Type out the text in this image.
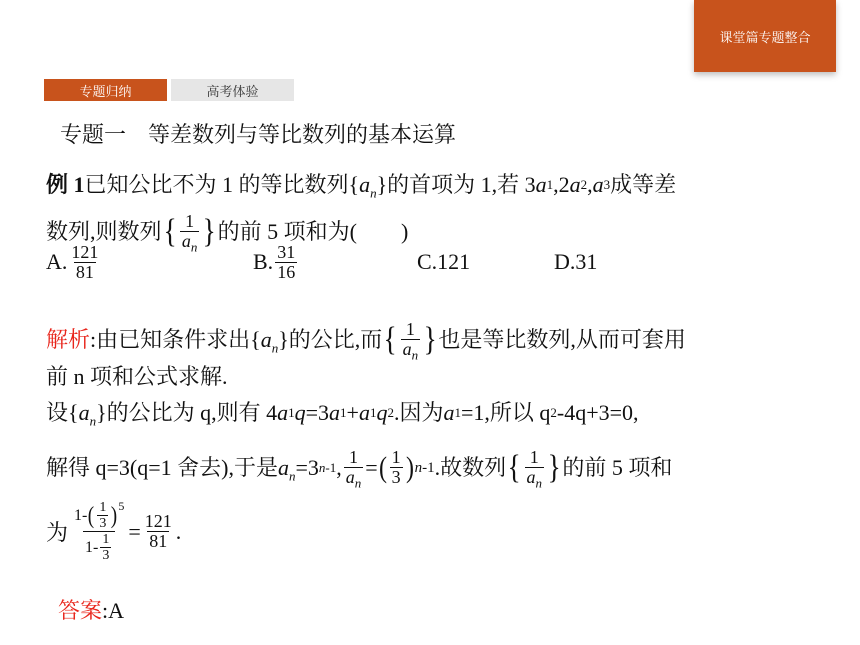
课堂篇专题整合
专题归纳	高考体验
专题一　等差数列与等比数列的基本运算
例 1 已知公比不为 1 的等比数列{ $a_n$ }的首项为 1,若 3 a 1 ,2 a 2 , a 3 成等差
数列,则数列 { $\frac{1}{a_n}$ } 的前 5 项和为(　　)
A. $\frac{121}{81}$	B. $\frac{31}{16}$	C.121	D.31
解析 :由已知条件求出{ $a_n$ }的公比,而 { $\frac{1}{a_n}$ } 也是等比数列,从而可套用
前 n 项和公式求解.
设{ $a_n$ }的公比为 q,则有 4 a 1 q =3 a 1 + a 1 q 2 .因为 a 1 =1,所以 q 2 -4q+3=0,
解得 q=3(q=1 舍去),于是 $a_n =3$ n-1 , $\frac{1}{a_n}$ = ( $\frac{1}{3}$ ) n-1 .故数列 { $\frac{1}{a_n}$ } 的前 5 项和
为 $\frac{1- ( \frac{1}{3} )^5}{1- \frac{1}{3}} = \frac{121}{81}$ .
答案 :A
